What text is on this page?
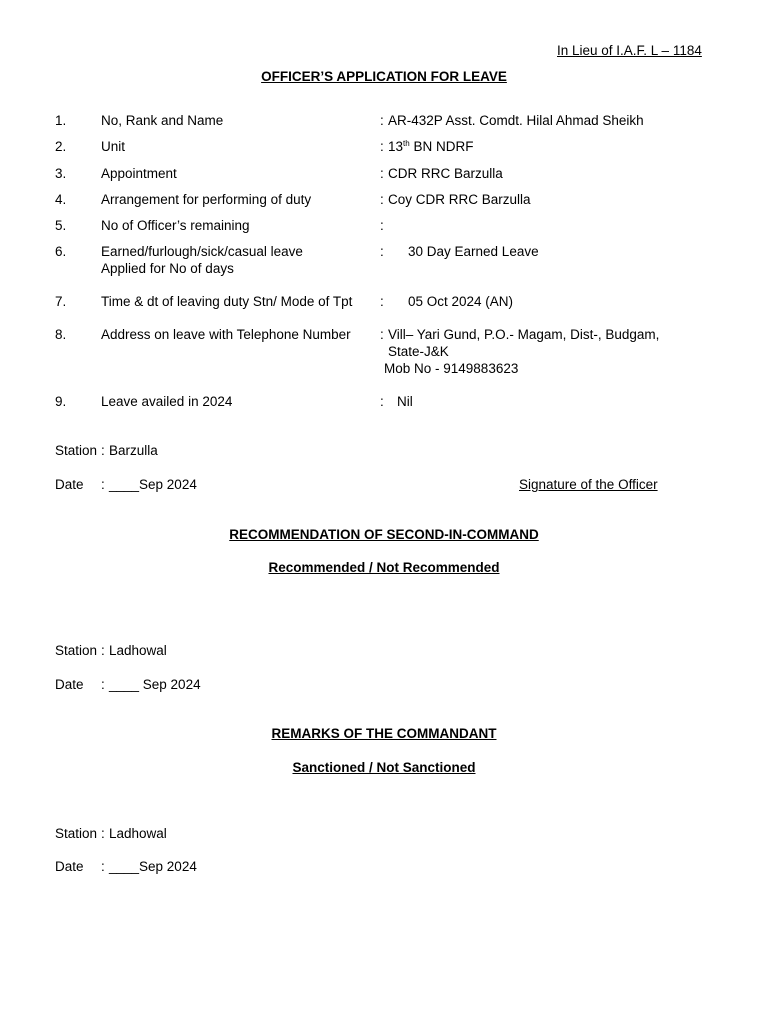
In Lieu of I.A.F. L – 1184
OFFICER’S APPLICATION FOR LEAVE
1.	No, Rank and Name	: AR-432P Asst. Comdt. Hilal Ahmad Sheikh
2.	Unit	: 13th BN NDRF
3.	Appointment	: CDR RRC Barzulla
4.	Arrangement for performing of duty	: Coy CDR RRC Barzulla
5.	No of Officer’s remaining	:
6.	Earned/furlough/sick/casual leave
Applied for No of days
: 30 Day Earned Leave
7.	Time & dt of leaving duty Stn/ Mode of Tpt : 05 Oct 2024 (AN)
8.	Address on leave with Telephone Number : Vill– Yari Gund, P.O.- Magam, Dist-, Budgam,
State-J&K
Mob No - 9149883623
9.	Leave availed in 2024	: Nil
Station : Barzulla
Date : ____Sep 2024	Signature of the Officer
RECOMMENDATION OF SECOND-IN-COMMAND
Recommended / Not Recommended
Station : Ladhowal
Date : ____ Sep 2024
REMARKS OF THE COMMANDANT
Sanctioned / Not Sanctioned
Station : Ladhowal
Date : ____Sep 2024
